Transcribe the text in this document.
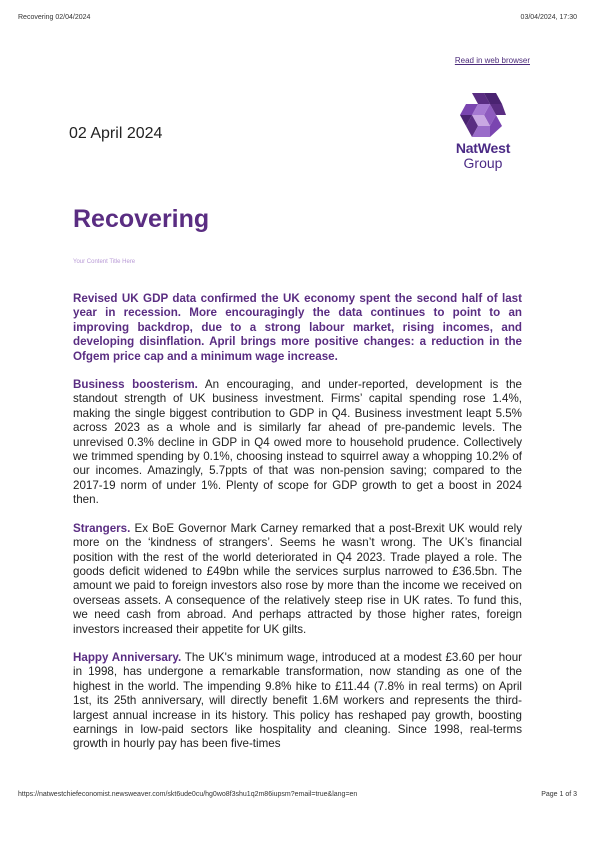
Recovering 02/04/2024	03/04/2024, 17:30
Read in web browser
NatWest
Group
02 April 2024
Recovering
Your Content Title Here

Revised UK GDP data confirmed the UK economy spent the second half of last year in recession. More encouragingly the data continues to point to an improving backdrop, due to a strong labour market, rising incomes, and developing disinflation. April brings more positive changes: a reduction in the Ofgem price cap and a minimum wage increase.

Business boosterism. An encouraging, and under-reported, development is the standout strength of UK business investment. Firms’ capital spending rose 1.4%, making the single biggest contribution to GDP in Q4. Business investment leapt 5.5% across 2023 as a whole and is similarly far ahead of pre-pandemic levels. The unrevised 0.3% decline in GDP in Q4 owed more to household prudence. Collectively we trimmed spending by 0.1%, choosing instead to squirrel away a whopping 10.2% of our incomes. Amazingly, 5.7ppts of that was non-pension saving; compared to the 2017-19 norm of under 1%. Plenty of scope for GDP growth to get a boost in 2024 then.

Strangers. Ex BoE Governor Mark Carney remarked that a post-Brexit UK would rely more on the ‘kindness of strangers’. Seems he wasn’t wrong. The UK’s financial position with the rest of the world deteriorated in Q4 2023. Trade played a role. The goods deficit widened to £49bn while the services surplus narrowed to £36.5bn. The amount we paid to foreign investors also rose by more than the income we received on overseas assets. A consequence of the relatively steep rise in UK rates. To fund this, we need cash from abroad. And perhaps attracted by those higher rates, foreign investors increased their appetite for UK gilts.

Happy Anniversary. The UK's minimum wage, introduced at a modest £3.60 per hour in 1998, has undergone a remarkable transformation, now standing as one of the highest in the world. The impending 9.8% hike to £11.44 (7.8% in real terms) on April 1st, its 25th anniversary, will directly benefit 1.6M workers and represents the third-largest annual increase in its history. This policy has reshaped pay growth, boosting earnings in low-paid sectors like hospitality and cleaning. Since 1998, real-terms growth in hourly pay has been five-times

https://natwestchiefeconomist.newsweaver.com/skt6ude0cu/hg0wo8f3shu1q2m86iupsm?email=true&lang=en	Page 1 of 3
